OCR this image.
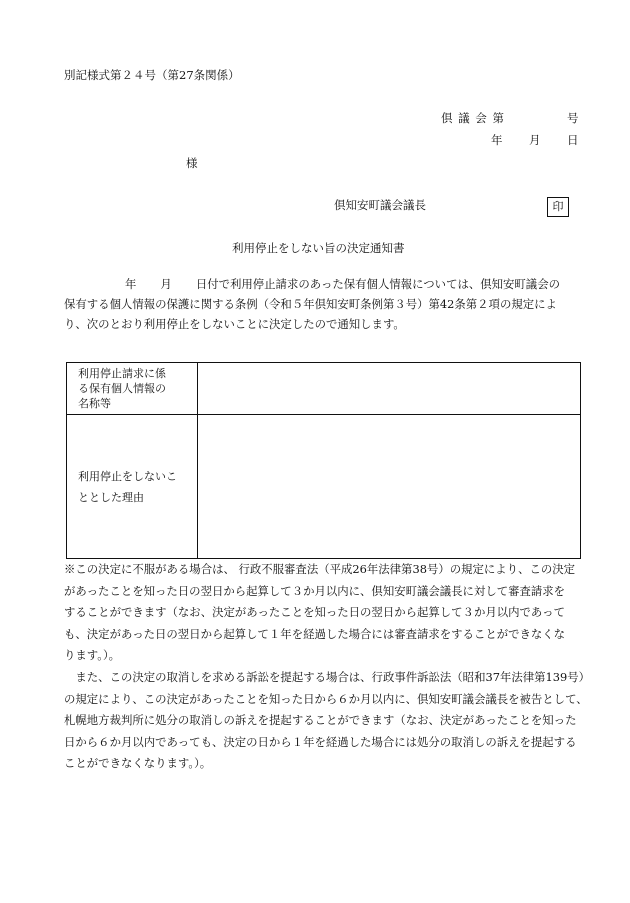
別記様式第２４号（第27条関係）
倶 議 会 第	号
年 月 日
様
倶知安町議会議長	印
利用停止をしない旨の決定通知書
年 月 日付で利用停止請求のあった保有個人情報については、倶知安町議会の
保有する個人情報の保護に関する条例（令和５年倶知安町条例第３号）第42条第２項の規定によ
り、次のとおり利用停止をしないことに決定したので通知します。
利用停止請求に係
る保有個人情報の
名称等	

利用停止をしないこ
ととした理由	

※この決定に不服がある場合は、 行政不服審査法（平成26年法律第38号）の規定により、この決定
があったことを知った日の翌日から起算して３か月以内に、倶知安町議会議長に対して審査請求を
することができます（なお、決定があったことを知った日の翌日から起算して３か月以内であって
も、決定があった日の翌日から起算して１年を経過した場合には審査請求をすることができなくな
ります。）。
　また、この決定の取消しを求める訴訟を提起する場合は、行政事件訴訟法（昭和37年法律第139号）
の規定により、この決定があったことを知った日から６か月以内に、倶知安町議会議長を被告として、
札幌地方裁判所に処分の取消しの訴えを提起することができます（なお、決定があったことを知った
日から６か月以内であっても、決定の日から１年を経過した場合には処分の取消しの訴えを提起する
ことができなくなります。）。
